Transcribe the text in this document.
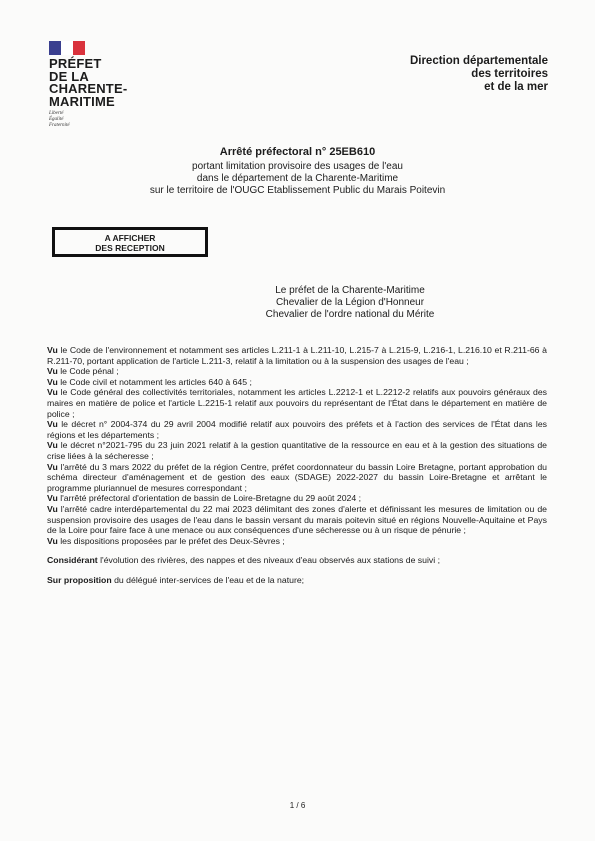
PRÉFET
DE LA
CHARENTE-
MARITIME
Liberté
Égalité
Fraternité
Direction départementale
des territoires
et de la mer
Arrêté préfectoral n° 25EB610
portant limitation provisoire des usages de l'eau
dans le département de la Charente-Maritime
sur le territoire de l'OUGC Etablissement Public du Marais Poitevin
A AFFICHER
DES RECEPTION
Le préfet de la Charente-Maritime
Chevalier de la Légion d'Honneur
Chevalier de l'ordre national du Mérite

Vu le Code de l'environnement et notamment ses articles L.211-1 à L.211-10, L.215-7 à L.215-9, L.216-1, L.216.10 et R.211-66 à R.211-70, portant application de l'article L.211-3, relatif à la limitation ou à la suspension des usages de l'eau ;

Vu le Code pénal ;

Vu le Code civil et notamment les articles 640 à 645 ;

Vu le Code général des collectivités territoriales, notamment les articles L.2212-1 et L.2212-2 relatifs aux pouvoirs généraux des maires en matière de police et l'article L.2215-1 relatif aux pouvoirs du représentant de l'État dans le département en matière de police ;

Vu le décret n° 2004-374 du 29 avril 2004 modifié relatif aux pouvoirs des préfets et à l'action des services de l'État dans les régions et les départements ;

Vu le décret n°2021-795 du 23 juin 2021 relatif à la gestion quantitative de la ressource en eau et à la gestion des situations de crise liées à la sécheresse ;

Vu l'arrêté du 3 mars 2022 du préfet de la région Centre, préfet coordonnateur du bassin Loire Bretagne, portant approbation du schéma directeur d'aménagement et de gestion des eaux (SDAGE) 2022-2027 du bassin Loire-Bretagne et arrêtant le programme pluriannuel de mesures correspondant ;

Vu l'arrêté préfectoral d'orientation de bassin de Loire-Bretagne du 29 août 2024 ;

Vu l'arrêté cadre interdépartemental du 22 mai 2023 délimitant des zones d'alerte et définissant les mesures de limitation ou de suspension provisoire des usages de l'eau dans le bassin versant du marais poitevin situé en régions Nouvelle-Aquitaine et Pays de la Loire pour faire face à une menace ou aux conséquences d'une sécheresse ou à un risque de pénurie ;

Vu les dispositions proposées par le préfet des Deux-Sèvres ;

Considérant l'évolution des rivières, des nappes et des niveaux d'eau observés aux stations de suivi ;

Sur proposition du délégué inter-services de l'eau et de la nature;

1 / 6
